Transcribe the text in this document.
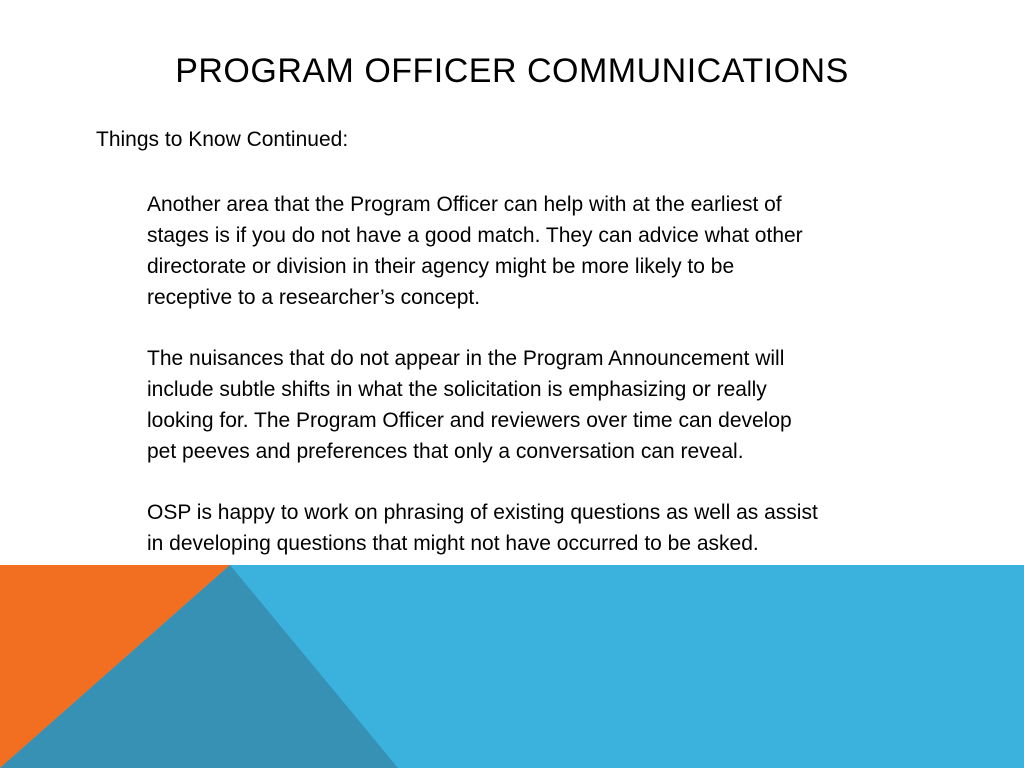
PROGRAM OFFICER COMMUNICATIONS

Things to Know Continued:

Another area that the Program Officer can help with at the earliest of
stages is if you do not have a good match. They can advice what other
directorate or division in their agency might be more likely to be
receptive to a researcher’s concept.

The nuisances that do not appear in the Program Announcement will
include subtle shifts in what the solicitation is emphasizing or really
looking for. The Program Officer and reviewers over time can develop
pet peeves and preferences that only a conversation can reveal.

OSP is happy to work on phrasing of existing questions as well as assist
in developing questions that might not have occurred to be asked.
